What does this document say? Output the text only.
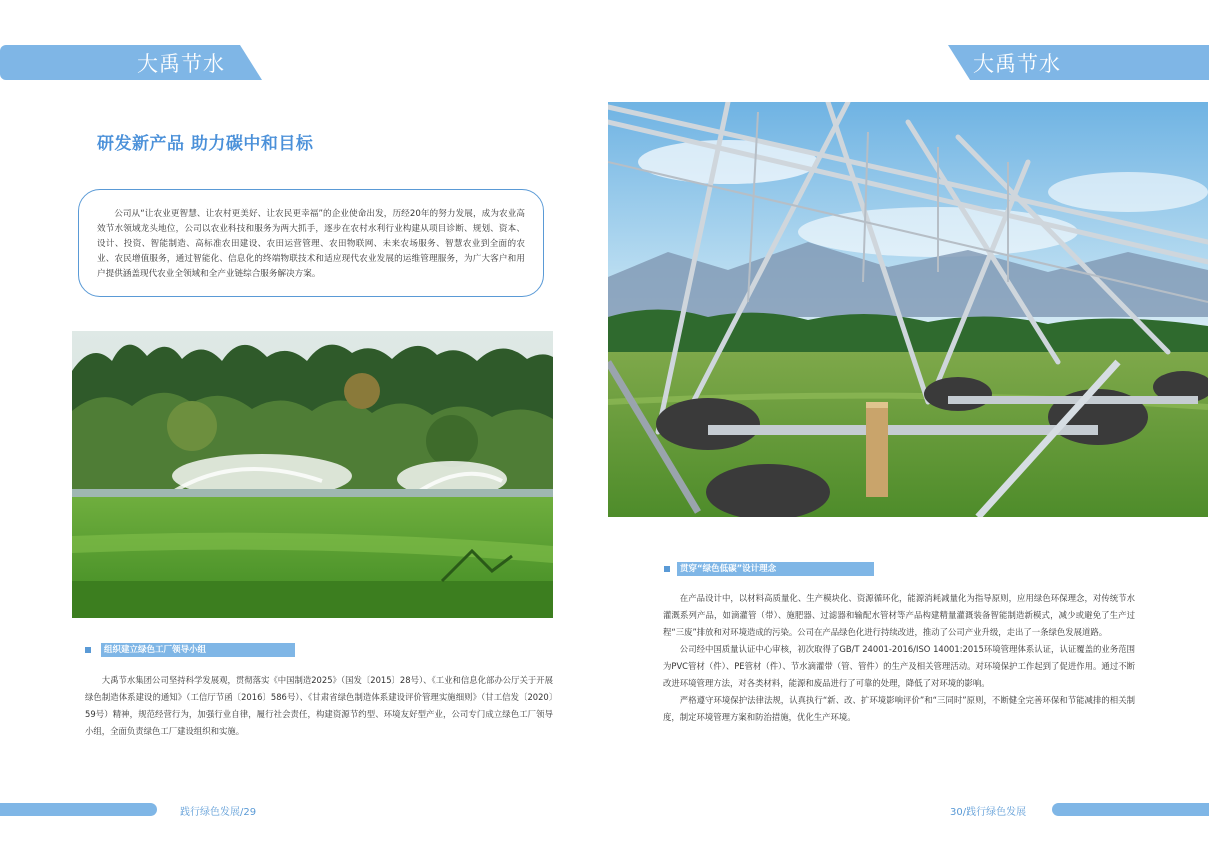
大禹节水	大禹节水
研发新产品 助力碳中和目标
公司从“让农业更智慧、让农村更美好、让农民更幸福”的企业使命出发，历经20年的努力发展，成为农业高效节水领域龙头地位，公司以农业科技和服务为两大抓手，逐步在农村水利行业构建从项目诊断、规划、资本、设计、投资、智能制造、高标准农田建设、农田运营管理、农田物联网、未来农场服务、智慧农业到全面的农业、农民增值服务，通过智能化、信息化的终端物联技术和适应现代农业发展的运维管理服务，为广大客户和用户提供涵盖现代农业全领域和全产业链综合服务解决方案。
组织建立绿色工厂领导小组

大禹节水集团公司坚持科学发展观，贯彻落实《中国制造2025》（国发〔2015〕28号）、《工业和信息化部办公厅关于开展绿色制造体系建设的通知》（工信厅节函〔2016〕586号）、《甘肃省绿色制造体系建设评价管理实施细则》（甘工信发〔2020〕59号）精神，规范经营行为，加强行业自律，履行社会责任，构建资源节约型、环境友好型产业，公司专门成立绿色工厂领导小组，全面负责绿色工厂建设组织和实施。

贯穿“绿色低碳”设计理念

在产品设计中，以材料高质量化、生产模块化、资源循环化，能源消耗减量化为指导原则，应用绿色环保理念，对传统节水灌溉系列产品，如滴灌管（带）、施肥器、过滤器和输配水管材等产品构建精量灌溉装备智能制造新模式，减少或避免了生产过程“三废”排放和对环境造成的污染。公司在产品绿色化进行持续改进，推动了公司产业升级，走出了一条绿色发展道路。

公司经中国质量认证中心审核，初次取得了GB/T 24001-2016/ISO 14001:2015环境管理体系认证，认证覆盖的业务范围为PVC管材（件）、PE管材（件）、节水滴灌带（管、管件）的生产及相关管理活动。对环境保护工作起到了促进作用。通过不断改进环境管理方法，对各类材料，能源和废品进行了可靠的处理，降低了对环境的影响。

严格遵守环境保护法律法规，认真执行“新、改、扩环境影响评价”和“三同时”原则，不断健全完善环保和节能减排的相关制度，制定环境管理方案和防治措施，优化生产环境。

践行绿色发展/29	30/践行绿色发展
